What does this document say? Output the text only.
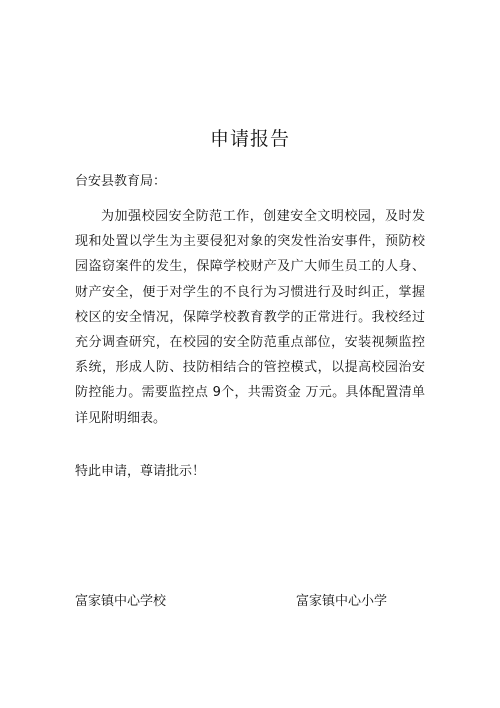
申请报告
台安县教育局：

为加强校园安全防范工作，创建安全文明校园，及时发现和处置以学生为主要侵犯对象的突发性治安事件，预防校园盗窃案件的发生，保障学校财产及广大师生员工的人身、财产安全，便于对学生的不良行为习惯进行及时纠正，掌握校区的安全情况，保障学校教育教学的正常进行。我校经过充分调查研究，在校园的安全防范重点部位，安装视频监控系统，形成人防、技防相结合的管控模式，以提高校园治安防控能力。需要监控点 9个，共需资金 万元。具体配置清单详见附明细表。

特此申请，尊请批示！
富家镇中心学校	富家镇中心小学
